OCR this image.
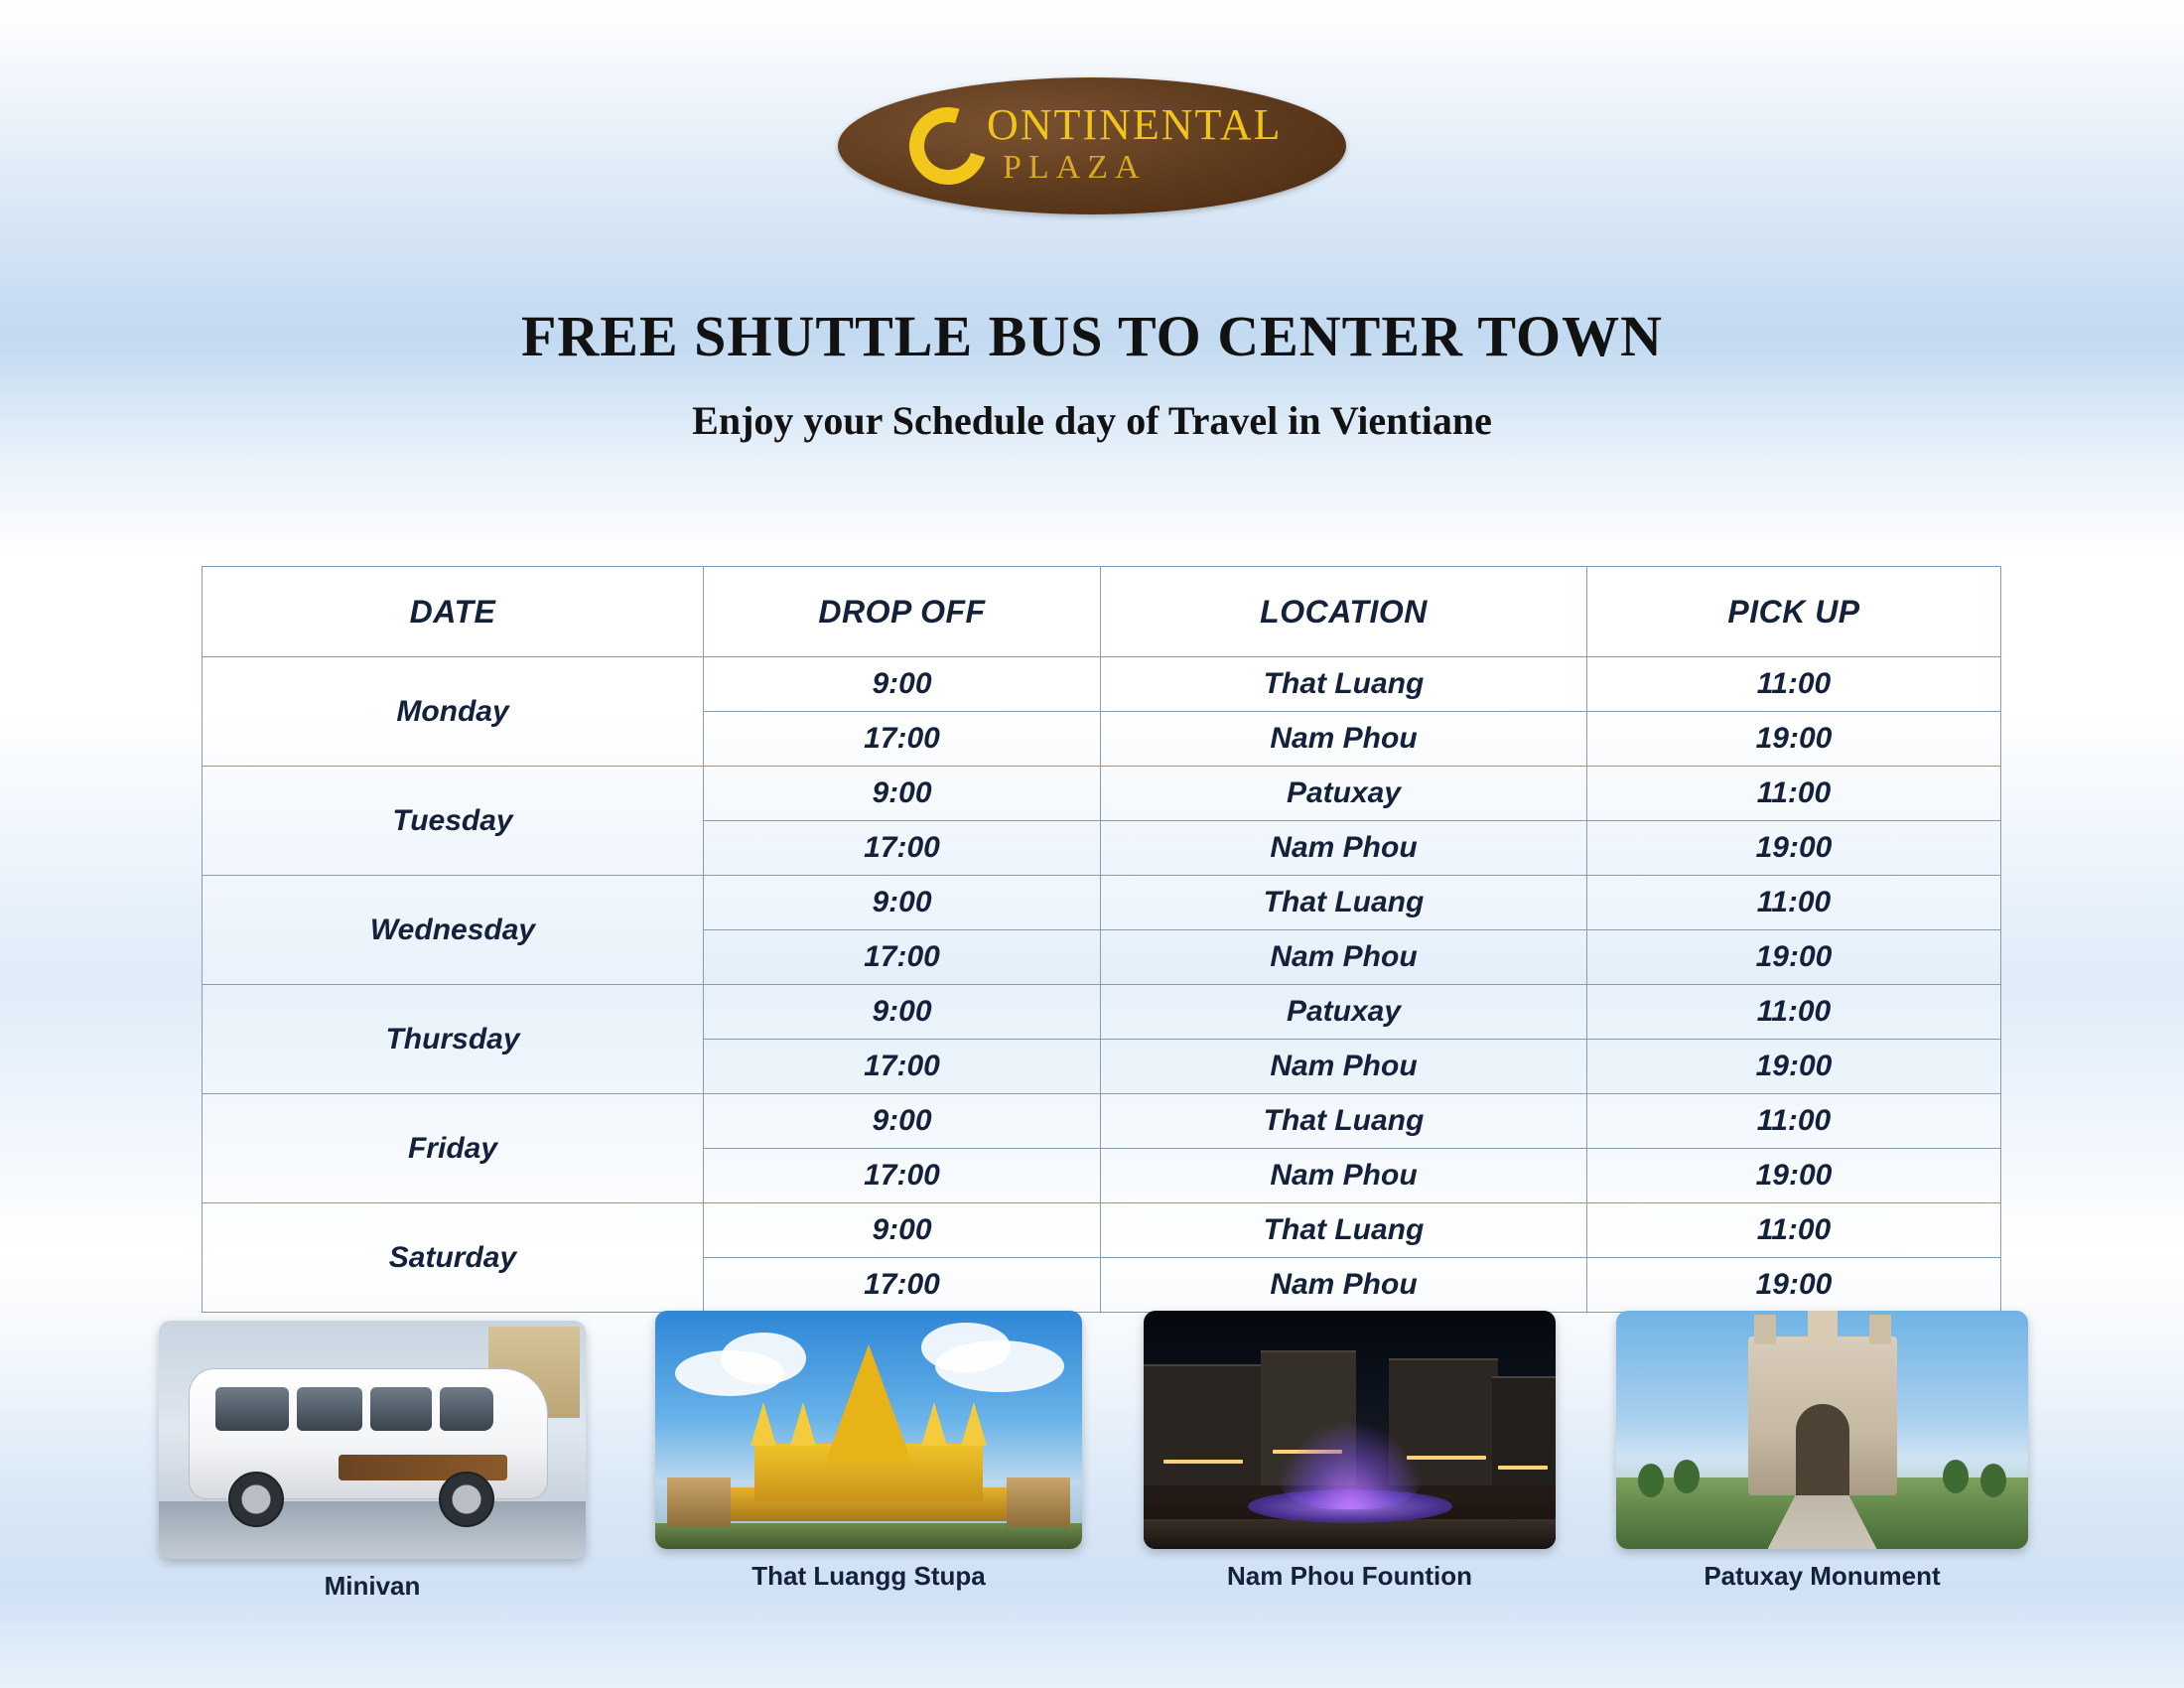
ONTINENTAL
PLAZA
FREE SHUTTLE BUS TO CENTER TOWN
Enjoy your Schedule day of Travel in Vientiane
DATE	DROP OFF	LOCATION	PICK UP
Monday	9:00	That Luang	11:00
	17:00	Nam Phou	19:00
Tuesday	9:00	Patuxay	11:00
	17:00	Nam Phou	19:00
Wednesday	9:00	That Luang	11:00
	17:00	Nam Phou	19:00
Thursday	9:00	Patuxay	11:00
	17:00	Nam Phou	19:00
Friday	9:00	That Luang	11:00
	17:00	Nam Phou	19:00
Saturday	9:00	That Luang	11:00
	17:00	Nam Phou	19:00
Minivan	That Luangg Stupa	Nam Phou Fountion	Patuxay Monument
